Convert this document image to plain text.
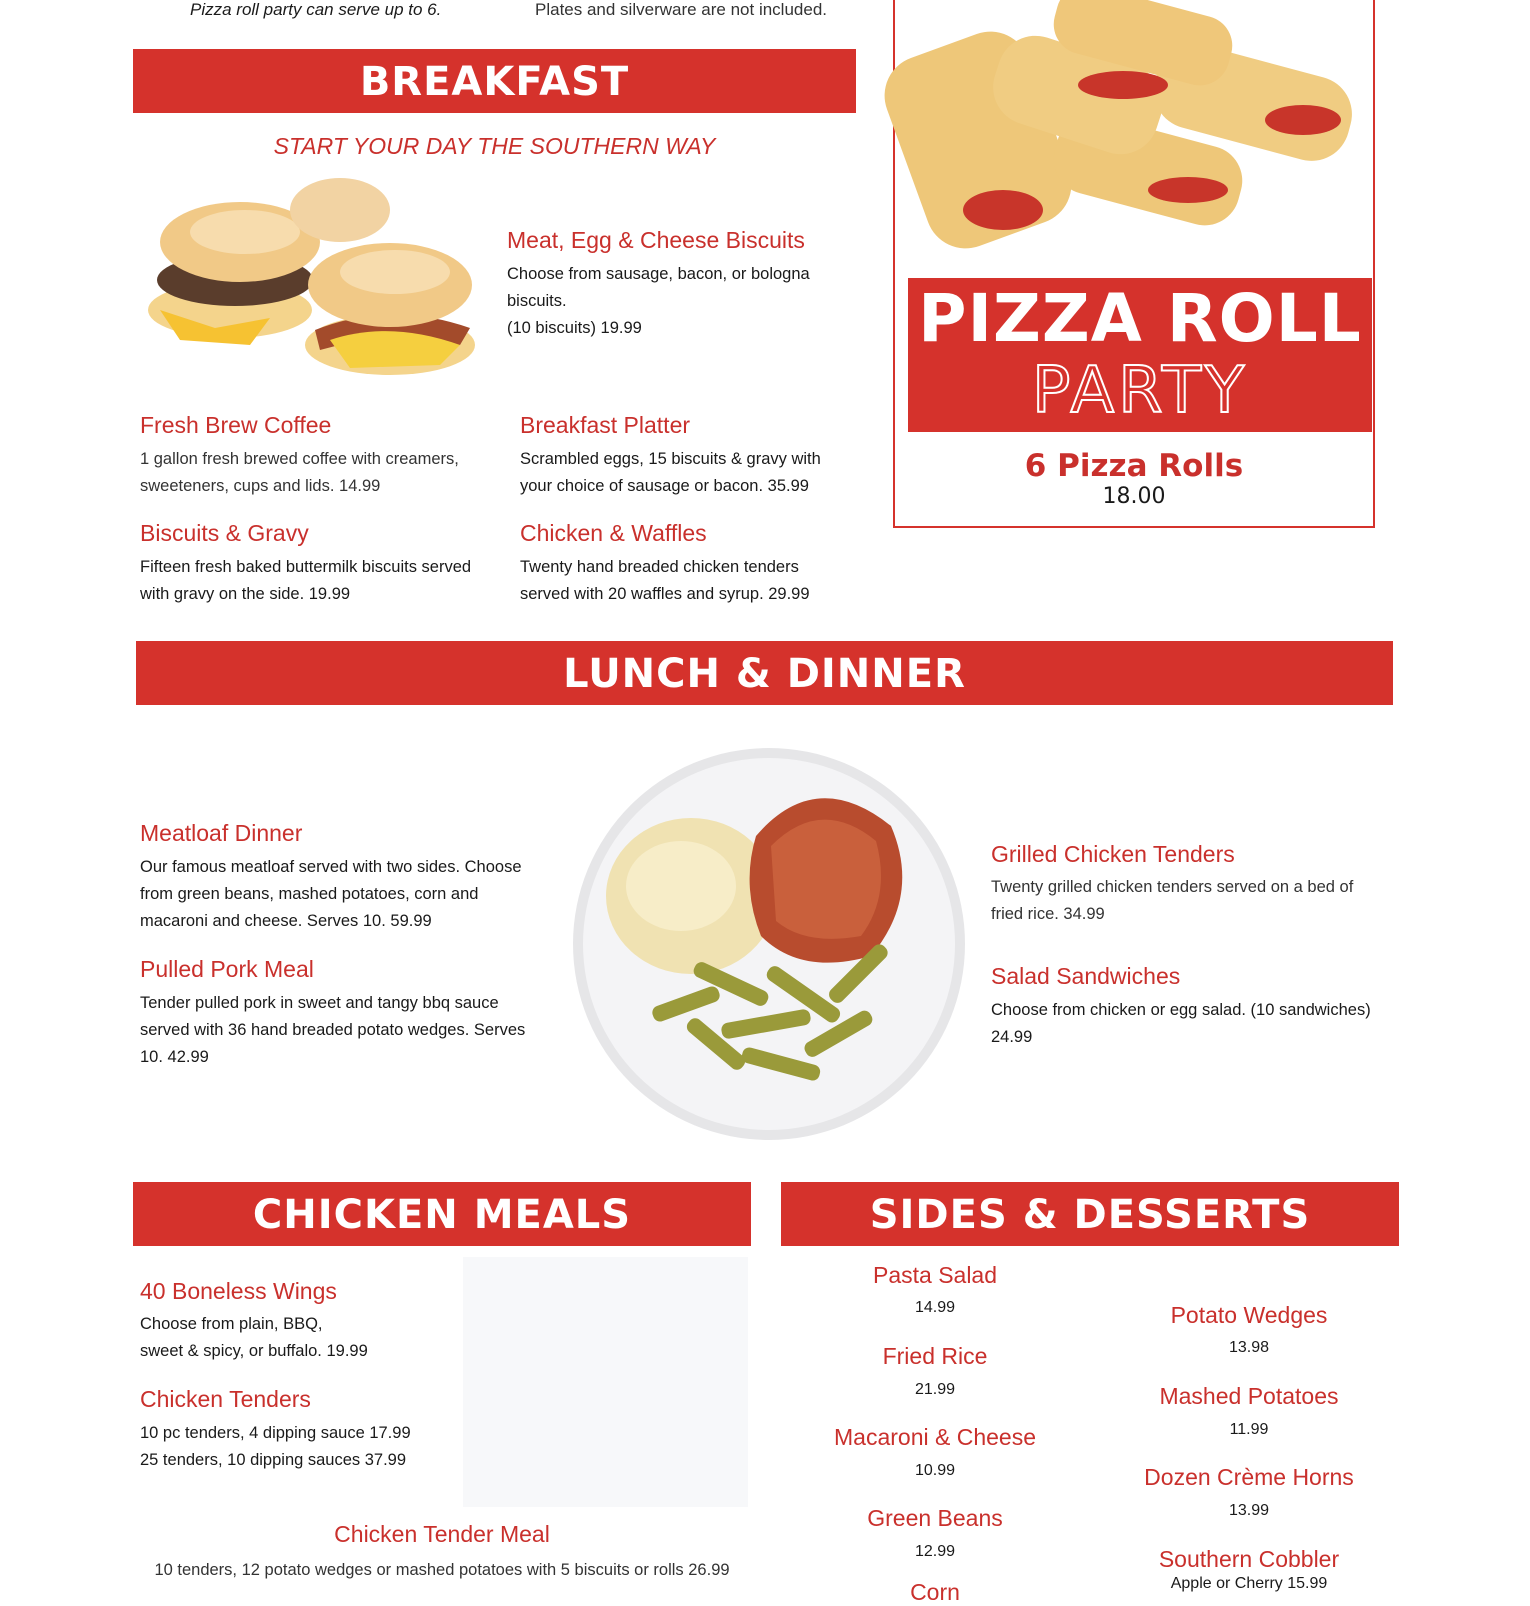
Pizza roll party can serve up to 6.	Plates and silverware are not included.
BREAKFAST
START YOUR DAY THE SOUTHERN WAY
Meat, Egg & Cheese Biscuits
Choose from sausage, bacon, or bologna
biscuits.
(10 biscuits) 19.99
Fresh Brew Coffee
1 gallon fresh brewed coffee with creamers,
sweeteners, cups and lids. 14.99
Breakfast Platter
Scrambled eggs, 15 biscuits & gravy with
your choice of sausage or bacon. 35.99
Biscuits & Gravy
Fifteen fresh baked buttermilk biscuits served
with gravy on the side. 19.99
Chicken & Waffles
Twenty hand breaded chicken tenders
served with 20 waffles and syrup. 29.99
PIZZA ROLL
PARTY
6 Pizza Rolls
18.00
LUNCH & DINNER
Meatloaf Dinner
Our famous meatloaf served with two sides. Choose
from green beans, mashed potatoes, corn and
macaroni and cheese. Serves 10. 59.99
Pulled Pork Meal
Tender pulled pork in sweet and tangy bbq sauce
served with 36 hand breaded potato wedges. Serves
10. 42.99
Grilled Chicken Tenders
Twenty grilled chicken tenders served on a bed of
fried rice. 34.99
Salad Sandwiches
Choose from chicken or egg salad. (10 sandwiches)
24.99
CHICKEN MEALS
40 Boneless Wings
Choose from plain, BBQ,
sweet & spicy, or buffalo. 19.99
Chicken Tenders
10 pc tenders, 4 dipping sauce 17.99
25 tenders, 10 dipping sauces 37.99
Chicken Tender Meal
10 tenders, 12 potato wedges or mashed potatoes with 5 biscuits or rolls 26.99
SIDES & DESSERTS
Pasta Salad
14.99
Fried Rice
21.99
Macaroni & Cheese
10.99
Green Beans
12.99
Corn
Potato Wedges
13.98
Mashed Potatoes
11.99
Dozen Crème Horns
13.99
Southern Cobbler
Apple or Cherry 15.99
